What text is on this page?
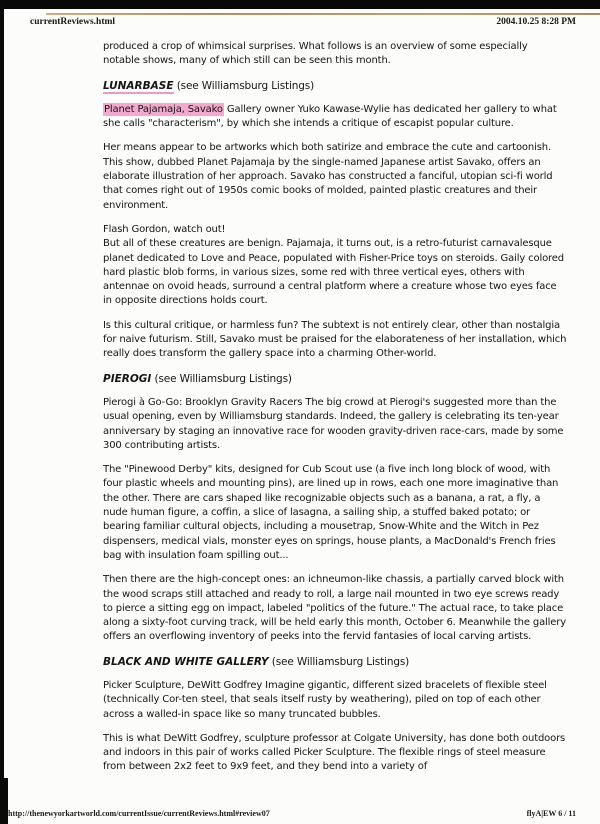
currentReviews.html	2004.10.25 8:28 PM

produced a crop of whimsical surprises. What follows is an overview of some especially notable shows, many of which still can be seen this month.

LUNARBASE (see Williamsburg Listings)

Planet Pajamaja, Savako Gallery owner Yuko Kawase-Wylie has dedicated her gallery to what she calls "characterism", by which she intends a critique of escapist popular culture.

Her means appear to be artworks which both satirize and embrace the cute and cartoonish. This show, dubbed Planet Pajamaja by the single-named Japanese artist Savako, offers an elaborate illustration of her approach. Savako has constructed a fanciful, utopian sci-fi world that comes right out of 1950s comic books of molded, painted plastic creatures and their environment.

Flash Gordon, watch out!
But all of these creatures are benign. Pajamaja, it turns out, is a retro-futurist carnavalesque planet dedicated to Love and Peace, populated with Fisher-Price toys on steroids. Gaily colored hard plastic blob forms, in various sizes, some red with three vertical eyes, others with antennae on ovoid heads, surround a central platform where a creature whose two eyes face in opposite directions holds court.

Is this cultural critique, or harmless fun? The subtext is not entirely clear, other than nostalgia for naive futurism. Still, Savako must be praised for the elaborateness of her installation, which really does transform the gallery space into a charming Other-world.

PIEROGI (see Williamsburg Listings)

Pierogi à Go-Go: Brooklyn Gravity Racers The big crowd at Pierogi's suggested more than the usual opening, even by Williamsburg standards. Indeed, the gallery is celebrating its ten-year anniversary by staging an innovative race for wooden gravity-driven race-cars, made by some 300 contributing artists.

The "Pinewood Derby" kits, designed for Cub Scout use (a five inch long block of wood, with four plastic wheels and mounting pins), are lined up in rows, each one more imaginative than the other. There are cars shaped like recognizable objects such as a banana, a rat, a fly, a nude human figure, a coffin, a slice of lasagna, a sailing ship, a stuffed baked potato; or bearing familiar cultural objects, including a mousetrap, Snow-White and the Witch in Pez dispensers, medical vials, monster eyes on springs, house plants, a MacDonald's French fries bag with insulation foam spilling out...

Then there are the high-concept ones: an ichneumon-like chassis, a partially carved block with the wood scraps still attached and ready to roll, a large nail mounted in two eye screws ready to pierce a sitting egg on impact, labeled "politics of the future." The actual race, to take place along a sixty-foot curving track, will be held early this month, October 6. Meanwhile the gallery offers an overflowing inventory of peeks into the fervid fantasies of local carving artists.

BLACK AND WHITE GALLERY (see Williamsburg Listings)

Picker Sculpture, DeWitt Godfrey Imagine gigantic, different sized bracelets of flexible steel (technically Cor-ten steel, that seals itself rusty by weathering), piled on top of each other across a walled-in space like so many truncated bubbles.

This is what DeWitt Godfrey, sculpture professor at Colgate University, has done both outdoors and indoors in this pair of works called Picker Sculpture. The flexible rings of steel measure from between 2x2 feet to 9x9 feet, and they bend into a variety of

http://thenewyorkartworld.com/currentIssue/currentReviews.html#review07	flyA|EW 6 / 11
